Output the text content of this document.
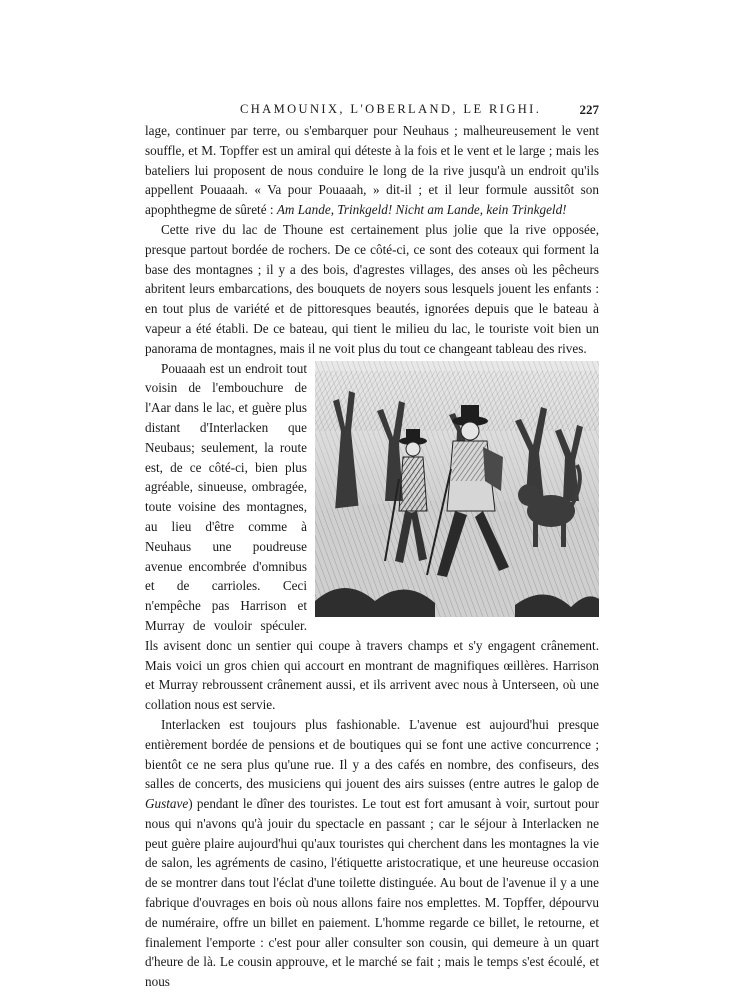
CHAMOUNIX, L'OBERLAND, LE RIGHI.	227

lage, continuer par terre, ou s'embarquer pour Neuhaus ; malheureusement le vent souffle, et M. Topffer est un amiral qui déteste à la fois et le vent et le large ; mais les bateliers lui proposent de nous conduire le long de la rive jusqu'à un endroit qu'ils appellent Pouaaah. « Va pour Pouaaah, » dit-il ; et il leur formule aussitôt son apophthegme de sûreté : Am Lande, Trinkgeld! Nicht am Lande, kein Trinkgeld!

Cette rive du lac de Thoune est certainement plus jolie que la rive opposée, presque partout bordée de rochers. De ce côté-ci, ce sont des coteaux qui forment la base des montagnes ; il y a des bois, d'agrestes villages, des anses où les pêcheurs abritent leurs embarcations, des bouquets de noyers sous lesquels jouent les enfants : en tout plus de variété et de pittoresques beautés, ignorées depuis que le bateau à vapeur a été établi. De ce bateau, qui tient le milieu du lac, le touriste voit bien un panorama de montagnes, mais il ne voit plus du tout ce changeant tableau des rives.

Pouaaah est un endroit tout voisin de l'embouchure de l'Aar dans le lac, et guère plus distant d'Interlacken que Neubaus; seulement, la route est, de ce côté-ci, bien plus agréable, sinueuse, ombragée, toute voisine des montagnes, au lieu d'être comme à Neuhaus une poudreuse avenue encombrée d'omnibus et de carrioles. Ceci n'empêche pas Harrison et Murray de vouloir spéculer. Ils avisent donc un sentier qui coupe à travers champs et s'y engagent crânement. Mais voici un gros chien qui accourt en montrant de magnifiques œillères. Harrison et Murray rebroussent crânement aussi, et ils arrivent avec nous à Unterseen, où une collation nous est servie.

Interlacken est toujours plus fashionable. L'avenue est aujourd'hui presque entièrement bordée de pensions et de boutiques qui se font une active concurrence ; bientôt ce ne sera plus qu'une rue. Il y a des cafés en nombre, des confiseurs, des salles de concerts, des musiciens qui jouent des airs suisses (entre autres le galop de Gustave) pendant le dîner des touristes. Le tout est fort amusant à voir, surtout pour nous qui n'avons qu'à jouir du spectacle en passant ; car le séjour à Interlacken ne peut guère plaire aujourd'hui qu'aux touristes qui cherchent dans les montagnes la vie de salon, les agréments de casino, l'étiquette aristocratique, et une heureuse occasion de se montrer dans tout l'éclat d'une toilette distinguée. Au bout de l'avenue il y a une fabrique d'ouvrages en bois où nous allons faire nos emplettes. M. Topffer, dépourvu de numéraire, offre un billet en paiement. L'homme regarde ce billet, le retourne, et finalement l'emporte : c'est pour aller consulter son cousin, qui demeure à un quart d'heure de là. Le cousin approuve, et le marché se fait ; mais le temps s'est écoulé, et nous
